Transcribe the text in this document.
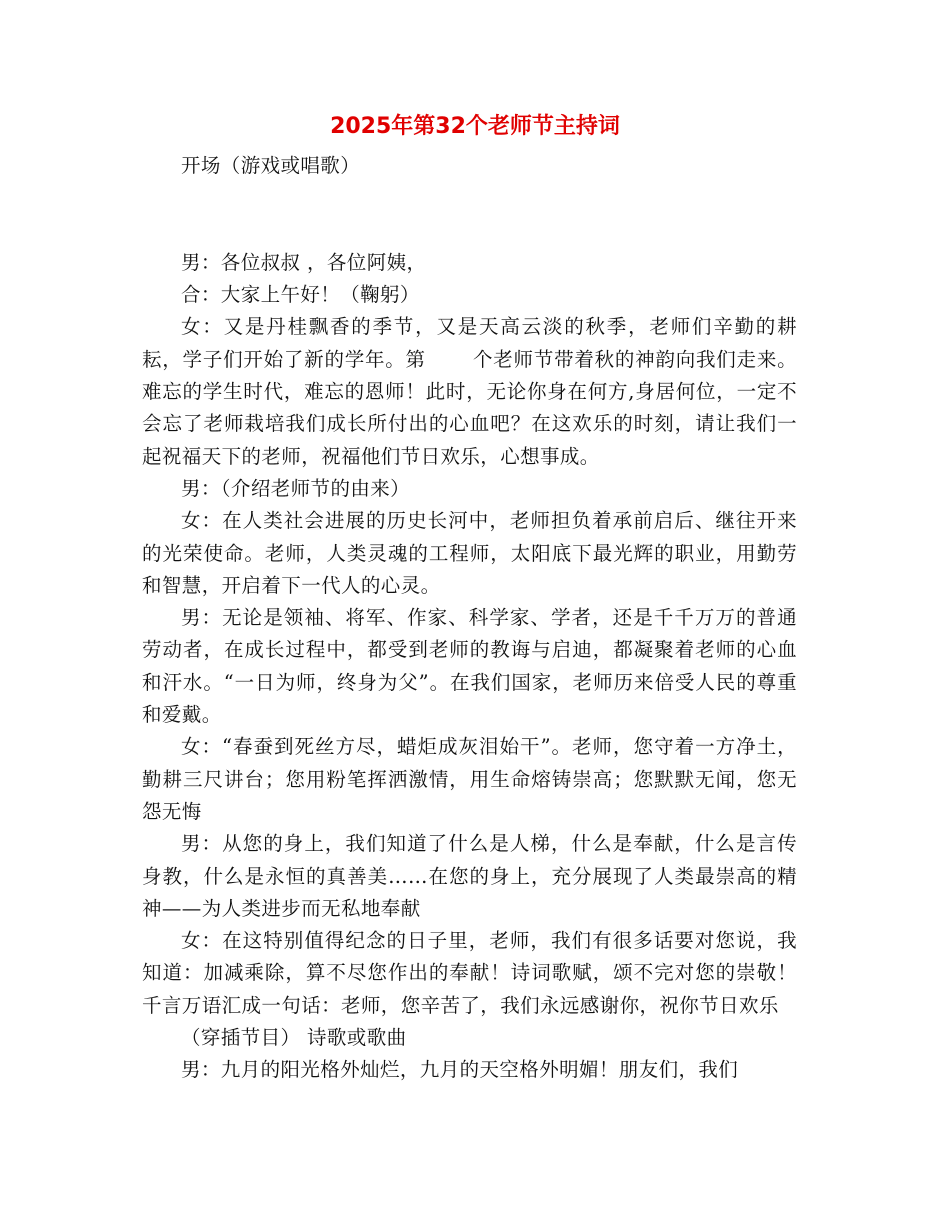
2025年第32个老师节主持词

开场（游戏或唱歌）

男：各位叔叔 ，各位阿姨，

合：大家上午好！（鞠躬）

女：又是丹桂飘香的季节，又是天高云淡的秋季，老师们辛勤的耕耘，学子们开始了新的学年。第 个老师节带着秋的神韵向我们走来。难忘的学生时代，难忘的恩师！此时，无论你身在何方,身居何位，一定不会忘了老师栽培我们成长所付出的心血吧？在这欢乐的时刻，请让我们一起祝福天下的老师，祝福他们节日欢乐，心想事成。

男：（介绍老师节的由来）

女：在人类社会进展的历史长河中，老师担负着承前启后、继往开来的光荣使命。老师，人类灵魂的工程师，太阳底下最光辉的职业，用勤劳和智慧，开启着下一代人的心灵。

男：无论是领袖、将军、作家、科学家、学者，还是千千万万的普通劳动者，在成长过程中，都受到老师的教诲与启迪，都凝聚着老师的心血和汗水。“一日为师，终身为父”。在我们国家，老师历来倍受人民的尊重和爱戴。

女：“春蚕到死丝方尽，蜡炬成灰泪始干”。老师，您守着一方净土，勤耕三尺讲台；您用粉笔挥洒激情，用生命熔铸崇高；您默默无闻，您无怨无悔

男：从您的身上，我们知道了什么是人梯，什么是奉献，什么是言传身教，什么是永恒的真善美……在您的身上，充分展现了人类最崇高的精神——为人类进步而无私地奉献

女：在这特别值得纪念的日子里，老师，我们有很多话要对您说，我知道：加减乘除，算不尽您作出的奉献！诗词歌赋，颂不完对您的崇敬！千言万语汇成一句话：老师，您辛苦了，我们永远感谢你，祝你节日欢乐

（穿插节目） 诗歌或歌曲

男：九月的阳光格外灿烂，九月的天空格外明媚！朋友们，我们
